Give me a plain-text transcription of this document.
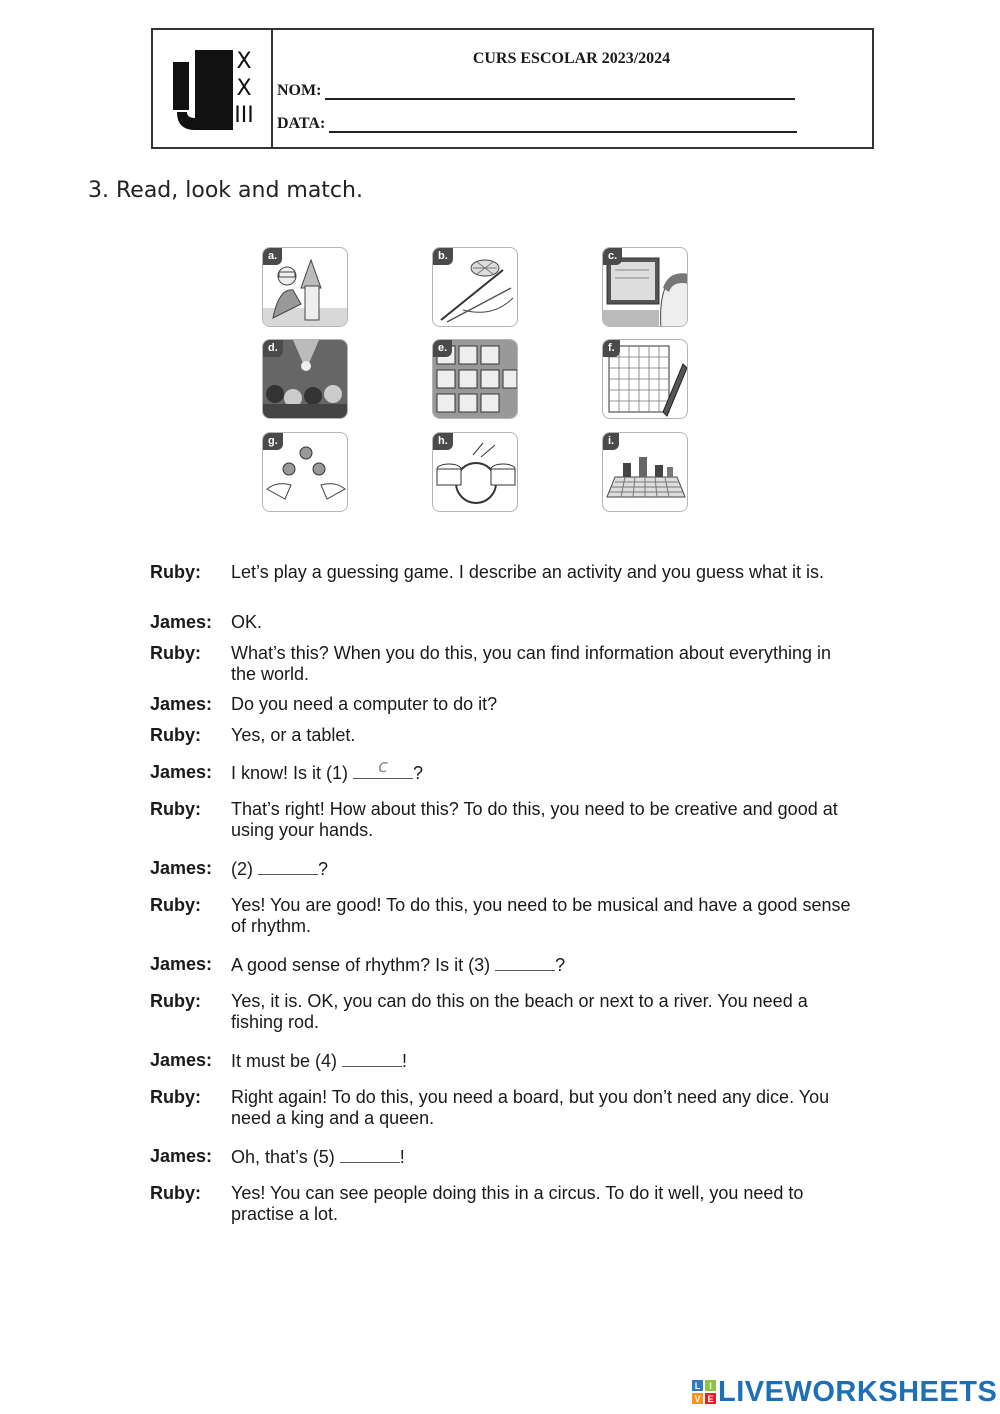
X
X
III
CURS ESCOLAR 2023/2024
NOM:
DATA:
3. Read, look and match.
a.	b.	c.
d.	e.	f.
g.	h.	i.
Ruby: Let’s play a guessing game. I describe an activity and you guess what it is.
James: OK.
Ruby: What’s this? When you do this, you can find information about everything in the world.
James: Do you need a computer to do it?
Ruby: Yes, or a tablet.
James: I know! Is it (1)	c	?
Ruby: That’s right! How about this? To do this, you need to be creative and good at using your hands.
James: (2)	?
Ruby: Yes! You are good! To do this, you need to be musical and have a good sense of rhythm.
James: A good sense of rhythm? Is it (3)	?
Ruby: Yes, it is. OK, you can do this on the beach or next to a river. You need a fishing rod.
James: It must be (4)	!
Ruby: Right again! To do this, you need a board, but you don’t need any dice. You need a king and a queen.
James: Oh, that’s (5)	!
Ruby: Yes! You can see people doing this in a circus. To do it well, you need to practise a lot.
L I
V E LIVEWORKSHEETS
